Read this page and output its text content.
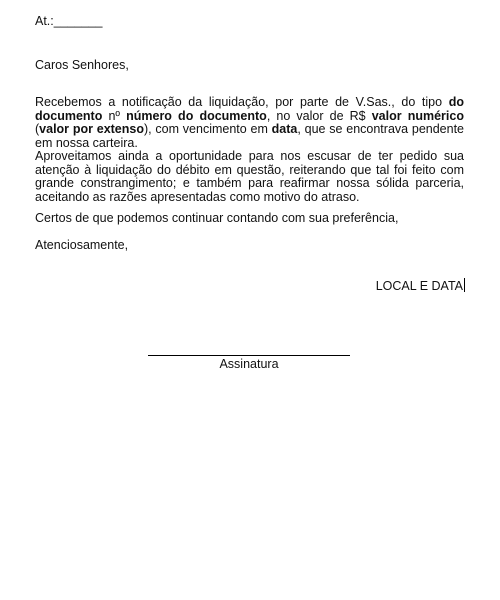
At.:_______
Caros Senhores,

Recebemos a notificação da liquidação, por parte de V.Sas., do tipo do documento nº número do documento, no valor de R$ valor numérico (valor por extenso), com vencimento em data, que se encontrava pendente em nossa carteira.

Aproveitamos ainda a oportunidade para nos escusar de ter pedido sua atenção à liquidação do débito em questão, reiterando que tal foi feito com grande constrangimento; e também para reafirmar nossa sólida parceria, aceitando as razões apresentadas como motivo do atraso.

Certos de que podemos continuar contando com sua preferência,

Atenciosamente,
LOCAL E DATA
Assinatura
